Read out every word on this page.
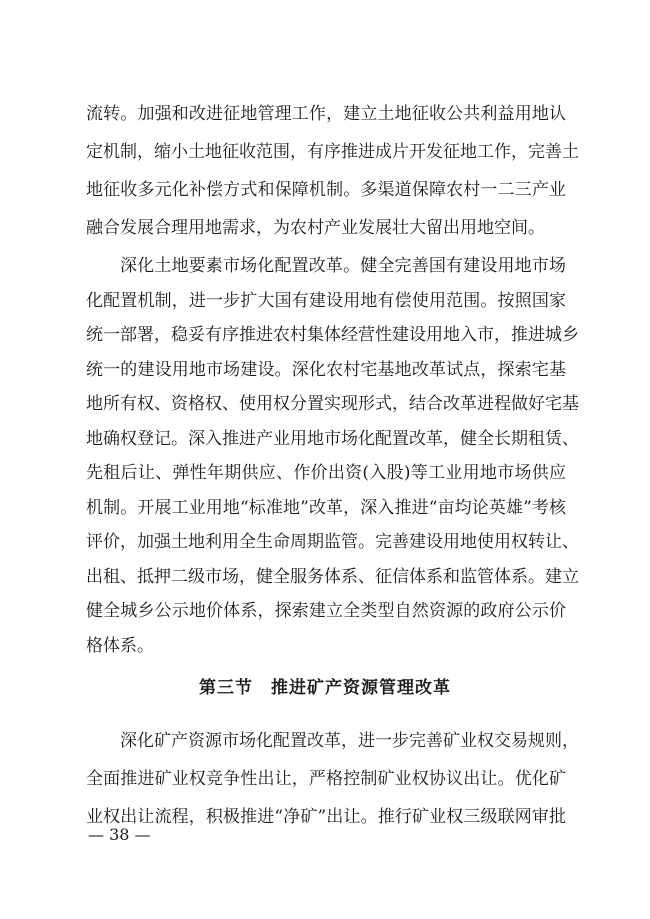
流转。加强和改进征地管理工作，建立土地征收公共利益用地认
定机制，缩小土地征收范围，有序推进成片开发征地工作，完善土
地征收多元化补偿方式和保障机制。多渠道保障农村一二三产业
融合发展合理用地需求，为农村产业发展壮大留出用地空间。
深化土地要素市场化配置改革。健全完善国有建设用地市场
化配置机制，进一步扩大国有建设用地有偿使用范围。按照国家
统一部署，稳妥有序推进农村集体经营性建设用地入市，推进城乡
统一的建设用地市场建设。深化农村宅基地改革试点，探索宅基
地所有权、资格权、使用权分置实现形式，结合改革进程做好宅基
地确权登记。深入推进产业用地市场化配置改革，健全长期租赁、
先租后让、弹性年期供应、作价出资(入股)等工业用地市场供应
机制。开展工业用地“标准地”改革，深入推进“亩均论英雄”考核
评价，加强土地利用全生命周期监管。完善建设用地使用权转让、
出租、抵押二级市场，健全服务体系、征信体系和监管体系。建立
健全城乡公示地价体系，探索建立全类型自然资源的政府公示价
格体系。
第三节　推进矿产资源管理改革
深化矿产资源市场化配置改革，进一步完善矿业权交易规则，
全面推进矿业权竞争性出让，严格控制矿业权协议出让。优化矿
业权出让流程，积极推进“净矿”出让。推行矿业权三级联网审批
— 38 —
